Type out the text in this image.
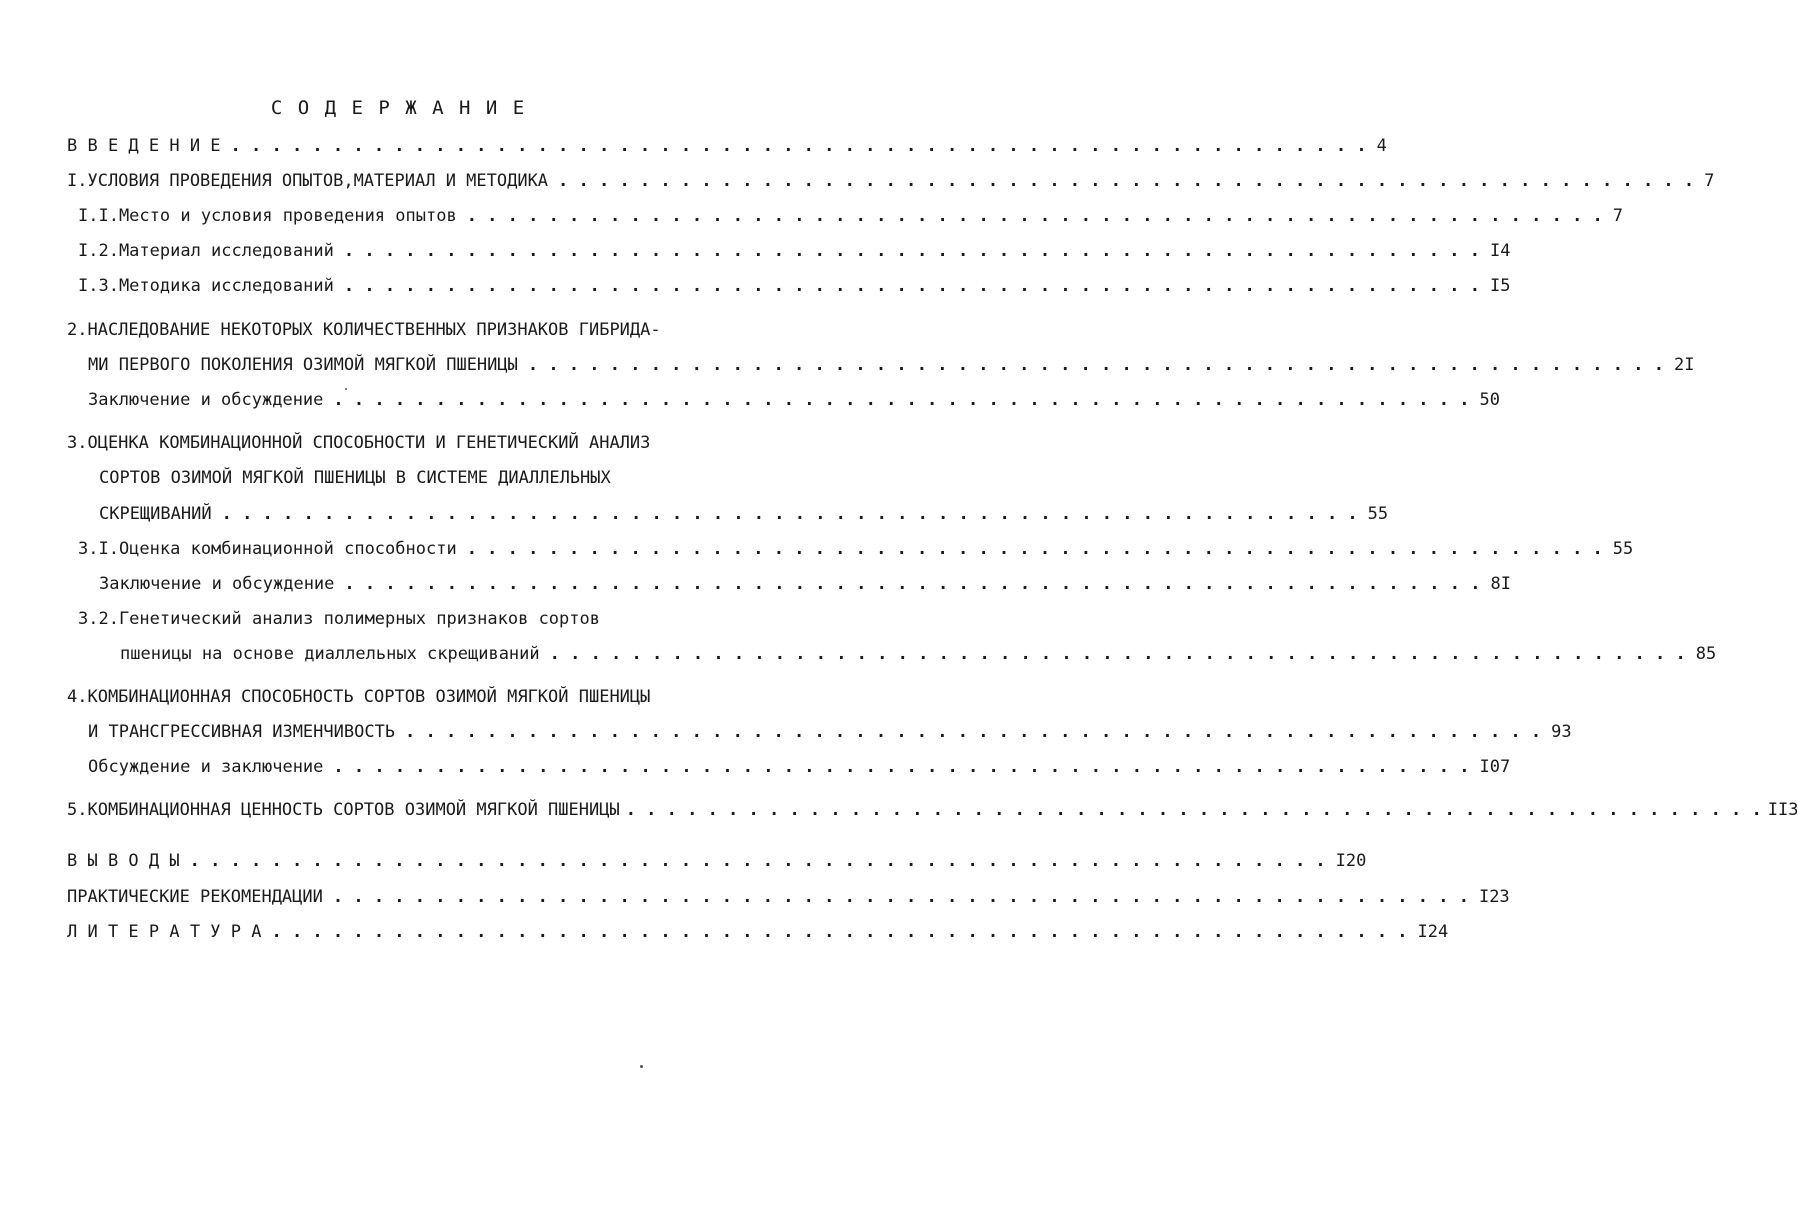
С О Д Е Р Ж А Н И Е
В В Е Д Е Н И Е . . . . . . . . . . . . . . . . . . . . . . . . . . . . . . . . . . . . . . . . . . . . . . . . . . . . . . . . 4
I.УСЛОВИЯ ПРОВЕДЕНИЯ ОПЫТОВ,МАТЕРИАЛ И МЕТОДИКА . . . . . . . . . . . . . . . . . . . . . . . . . . . . . . . . . . . . . . . . . . . . . . . . . . . . . . . . 7
I.I.Место и условия проведения опытов . . . . . . . . . . . . . . . . . . . . . . . . . . . . . . . . . . . . . . . . . . . . . . . . . . . . . . . . 7
I.2.Материал исследований . . . . . . . . . . . . . . . . . . . . . . . . . . . . . . . . . . . . . . . . . . . . . . . . . . . . . . . . I4
I.3.Методика исследований . . . . . . . . . . . . . . . . . . . . . . . . . . . . . . . . . . . . . . . . . . . . . . . . . . . . . . . . I5
2.НАСЛЕДОВАНИЕ НЕКОТОРЫХ КОЛИЧЕСТВЕННЫХ ПРИЗНАКОВ ГИБРИДА-
МИ ПЕРВОГО ПОКОЛЕНИЯ ОЗИМОЙ МЯГКОЙ ПШЕНИЦЫ . . . . . . . . . . . . . . . . . . . . . . . . . . . . . . . . . . . . . . . . . . . . . . . . . . . . . . . . 2I
Заключение и обсуждение . . . . . . . . . . . . . . . . . . . . . . . . . . . . . . . . . . . . . . . . . . . . . . . . . . . . . . . . 50
3.ОЦЕНКА КОМБИНАЦИОННОЙ СПОСОБНОСТИ И ГЕНЕТИЧЕСКИЙ АНАЛИЗ
СОРТОВ ОЗИМОЙ МЯГКОЙ ПШЕНИЦЫ В СИСТЕМЕ ДИАЛЛЕЛЬНЫХ
СКРЕЩИВАНИЙ . . . . . . . . . . . . . . . . . . . . . . . . . . . . . . . . . . . . . . . . . . . . . . . . . . . . . . . . 55
3.I.Оценка комбинационной способности . . . . . . . . . . . . . . . . . . . . . . . . . . . . . . . . . . . . . . . . . . . . . . . . . . . . . . . . 55
Заключение и обсуждение . . . . . . . . . . . . . . . . . . . . . . . . . . . . . . . . . . . . . . . . . . . . . . . . . . . . . . . . 8I
3.2.Генетический анализ полимерных признаков сортов
пшеницы на основе диаллельных скрещиваний . . . . . . . . . . . . . . . . . . . . . . . . . . . . . . . . . . . . . . . . . . . . . . . . . . . . . . . . 85
4.КОМБИНАЦИОННАЯ СПОСОБНОСТЬ СОРТОВ ОЗИМОЙ МЯГКОЙ ПШЕНИЦЫ
И ТРАНСГРЕССИВНАЯ ИЗМЕНЧИВОСТЬ . . . . . . . . . . . . . . . . . . . . . . . . . . . . . . . . . . . . . . . . . . . . . . . . . . . . . . . . 93
Обсуждение и заключение . . . . . . . . . . . . . . . . . . . . . . . . . . . . . . . . . . . . . . . . . . . . . . . . . . . . . . . . I07
5.КОМБИНАЦИОННАЯ ЦЕННОСТЬ СОРТОВ ОЗИМОЙ МЯГКОЙ ПШЕНИЦЫ . . . . . . . . . . . . . . . . . . . . . . . . . . . . . . . . . . . . . . . . . . . . . . . . . . . . . . . . II3
В Ы В О Д Ы . . . . . . . . . . . . . . . . . . . . . . . . . . . . . . . . . . . . . . . . . . . . . . . . . . . . . . . . I20
ПРАКТИЧЕСКИЕ РЕКОМЕНДАЦИИ . . . . . . . . . . . . . . . . . . . . . . . . . . . . . . . . . . . . . . . . . . . . . . . . . . . . . . . . I23
Л И Т Е Р А Т У Р А . . . . . . . . . . . . . . . . . . . . . . . . . . . . . . . . . . . . . . . . . . . . . . . . . . . . . . . . I24
